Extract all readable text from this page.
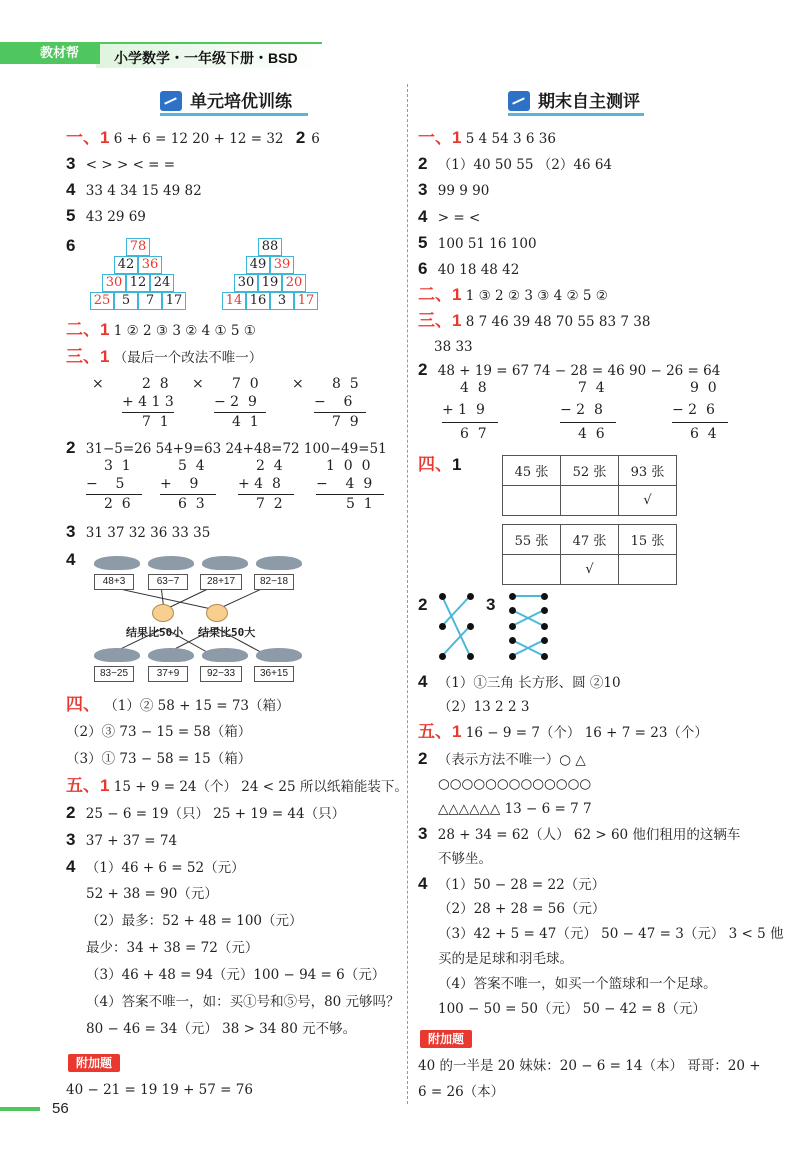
教材帮	小学数学・一年级下册・BSD
单元培优训练
一、1 6 + 6 = 12 20 + 12 = 32 2 6
3 < > > < = =
4 33 4 34 15 49 82
5 43 29 69
6	78
42 36
30 12 24
25 5	7 17
88
49 39
30 19 20
14 16 3 17
二、1 1 ② 2 ③ 3 ② 4 ① 5 ①
三、1 （最后一个改法不唯一）
×	2  8
+ 4 1 3
7  1
× 7  0
− 2  9
4  1
× 8  5
−    6
7  9
2 31−5=26 54+9=63 24+48=72 100−49=51
3  1
−    5
2  6
5  4
+    9
6  3
2  4
+ 4  8
7  2
1  0  0
−    4  9
5  1
3 31 37 32 36 33 35
4
48+3	63−7	28+17	82−18
结果比50小 结果比50大
83−25	37+9	92−33	36+15
四、 （1）② 58 + 15 = 73（箱）
（2）③ 73 − 15 = 58（箱）
（3）① 73 − 58 = 15（箱）
五、1 15 + 9 = 24（个） 24 < 25 所以纸箱能装下。
2 25 − 6 = 19（只） 25 + 19 = 44（只）
3 37 + 37 = 74
4 （1）46 + 6 = 52（元）
52 + 38 = 90（元）
（2）最多：52 + 48 = 100（元）
最少：34 + 38 = 72（元）
（3）46 + 48 = 94（元）100 − 94 = 6（元）
（4）答案不唯一，如：买①号和⑤号，80 元够吗？
80 − 46 = 34（元） 38 > 34 80 元不够。
附加题
40 − 21 = 19 19 + 57 = 76
期末自主测评
一、1 5 4 54 3 6 36
2 （1）40 50 55 （2）46 64
3 99 9 90
4 > = <
5 100 51 16 100
6 40 18 48 42
二、1 1 ③ 2 ② 3 ③ 4 ② 5 ②
三、1 8 7 46 39 48 70 55 83 7 38
38 33
2 48 + 19 = 67 74 − 28 = 46 90 − 26 = 64
4  8
+ 1  9
6  7
7  4
− 2  8
4  6
9  0
− 2  6
6  4
四、1	45 张	52 张	93 张
		√
55 张	47 张	15 张
	√	
2	3
4 （1）①三角 长方形、圆 ②10
（2）13 2 2 3
五、1 16 − 9 = 7（个） 16 + 7 = 23（个）
2 （表示方法不唯一）○ △
○○○○○○○○○○○○○
△△△△△△ 13 − 6 = 7 7
3 28 + 34 = 62（人） 62 > 60 他们租用的这辆车
不够坐。
4 （1）50 − 28 = 22（元）
（2）28 + 28 = 56（元）
（3）42 + 5 = 47（元） 50 − 47 = 3（元） 3 < 5 他
买的是足球和羽毛球。
（4）答案不唯一，如买一个篮球和一个足球。
100 − 50 = 50（元） 50 − 42 = 8（元）
附加题
40 的一半是 20 妹妹：20 − 6 = 14（本） 哥哥：20 +
6 = 26（本）
56
